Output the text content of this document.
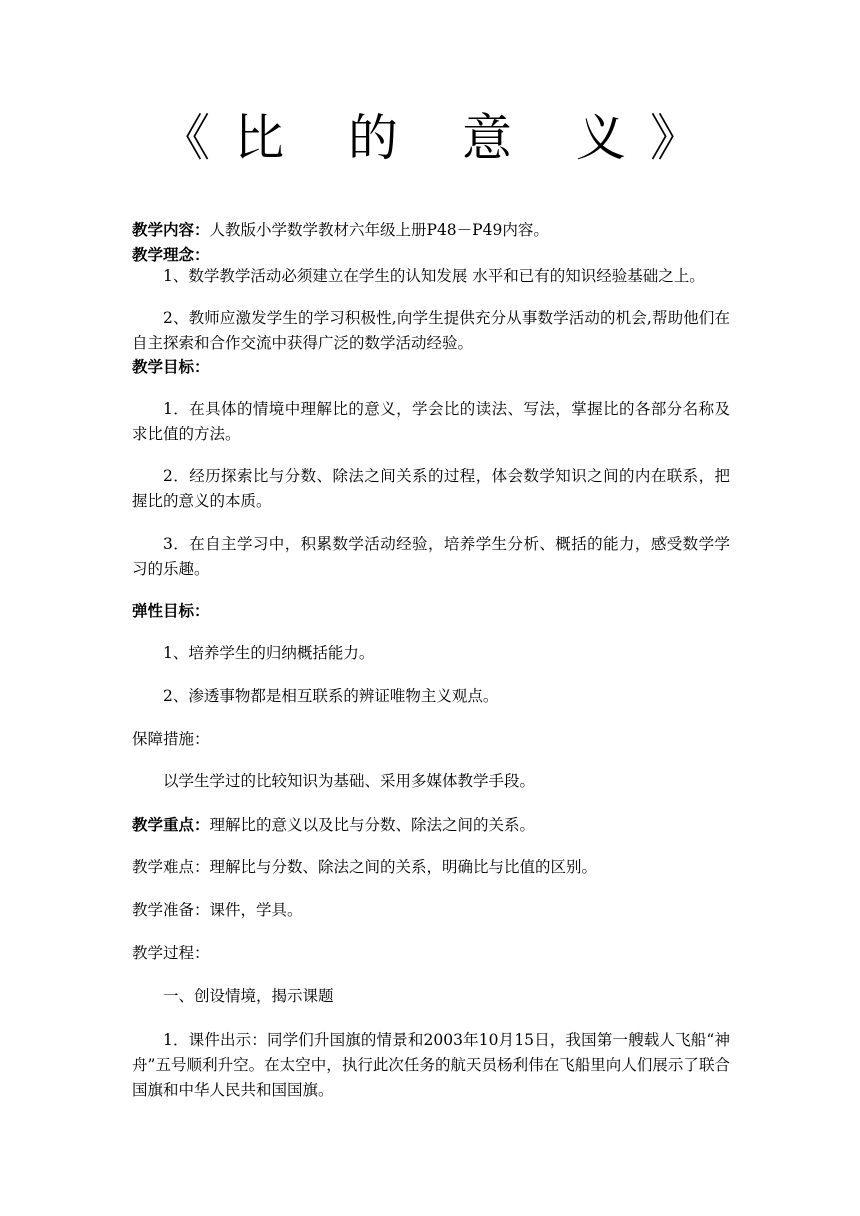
《比 的 意 义》
教学内容：人教版小学数学教材六年级上册P48－P49内容。
教学理念：
1、数学教学活动必须建立在学生的认知发展 水平和已有的知识经验基础之上。
2、教师应激发学生的学习积极性,向学生提供充分从事数学活动的机会,帮助他们在自主探索和合作交流中获得广泛的数学活动经验。
教学目标：
1．在具体的情境中理解比的意义，学会比的读法、写法，掌握比的各部分名称及求比值的方法。
2．经历探索比与分数、除法之间关系的过程，体会数学知识之间的内在联系，把握比的意义的本质。
3．在自主学习中，积累数学活动经验，培养学生分析、概括的能力，感受数学学习的乐趣。
弹性目标：
1、培养学生的归纳概括能力。
2、渗透事物都是相互联系的辨证唯物主义观点。
保障措施：
以学生学过的比较知识为基础、采用多媒体教学手段。
教学重点：理解比的意义以及比与分数、除法之间的关系。
教学难点：理解比与分数、除法之间的关系，明确比与比值的区别。
教学准备：课件，学具。
教学过程：
一、创设情境，揭示课题
1．课件出示：同学们升国旗的情景和2003年10月15日，我国第一艘载人飞船“神舟”五号顺利升空。在太空中，执行此次任务的航天员杨利伟在飞船里向人们展示了联合国旗和中华人民共和国国旗。
